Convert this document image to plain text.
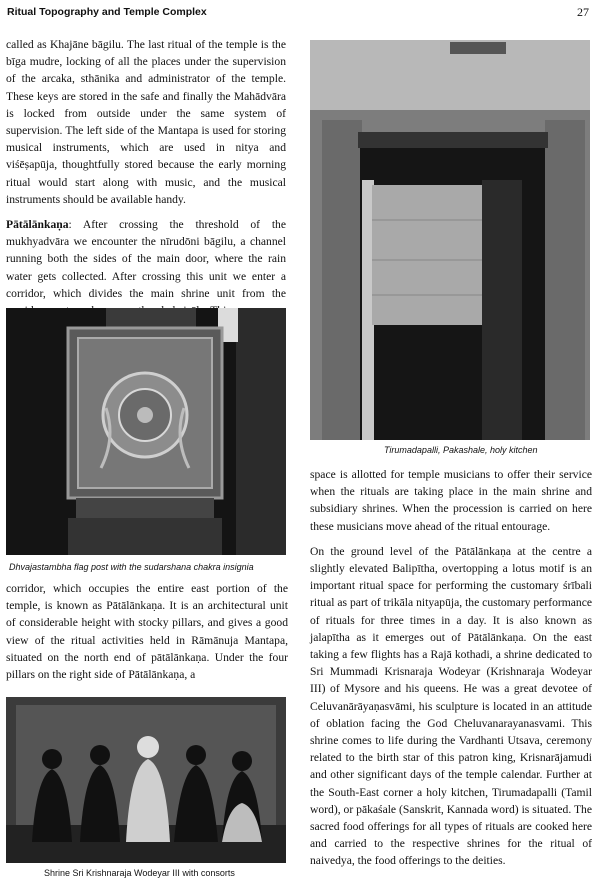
Ritual Topography and Temple Complex	27

called as Khajāne bāgilu. The last ritual of the temple is the bīga mudre, locking of all the places under the supervision of the arcaka, sthānika and administrator of the temple. These keys are stored in the safe and finally the Mahādvāra is locked from outside under the same system of supervision. The left side of the Mantapa is used for storing musical instruments, which are used in nitya and viśēṣapūja, thoughtfully stored because the early morning ritual would start along with music, and the musical instruments should be available handy.

Pātālānkaṇa: After crossing the threshold of the mukhyadvāra we encounter the nīrudōni bāgilu, a channel running both the sides of the main door, where the rain water gets collected. After crossing this unit we enter a corridor, which divides the main shrine unit from the

Dhvajastambha flag post with the sudarshana chakra insignia

corridor, which occupies the entire east portion of the temple, is known as Pātālānkaṇa. It is an architectural unit of considerable height with stocky pillars, and gives a good view of the ritual activities held in Rāmānuja Mantapa, situated on the north end of pātālānkaṇa. Under the four pillars on the right side of Pātālānkaṇa, a

Shrine Sri Krishnaraja Wodeyar III with consorts
Tirumadapalli, Pakashale, holy kitchen

space is allotted for temple musicians to offer their service when the rituals are taking place in the main shrine and subsidiary shrines. When the procession is carried on here these musicians move ahead of the ritual entourage.

On the ground level of the Pātālānkaṇa at the centre a slightly elevated Balipītha, overtopping a lotus motif is an important ritual space for performing the customary śrībali ritual as part of trikāla nityapūja, the customary performance of rituals for three times in a day. It is also known as jalapītha as it emerges out of Pātālānkaṇa. On the east taking a few flights has a Rajā kothadi, a shrine dedicated to Sri Mummadi Krisnaraja Wodeyar (Krishnaraja Wodeyar III) of Mysore and his queens. He was a great devotee of Celuvanārāyaṇasvāmi, his sculpture is located in an attitude of oblation facing the God Cheluvanarayanasvami. This shrine comes to life during the Vardhanti Utsava, ceremony related to the birth star of this patron king, Krisnarājamudi and other significant days of the temple calendar. Further at the South-East corner a holy kitchen, Tirumadapalli (Tamil word), or pākaśale (Sanskrit, Kannada word) is situated. The sacred food offerings for all types of rituals are cooked here and carried to the respective shrines for the ritual of naivedya, the food offerings to the deities.
